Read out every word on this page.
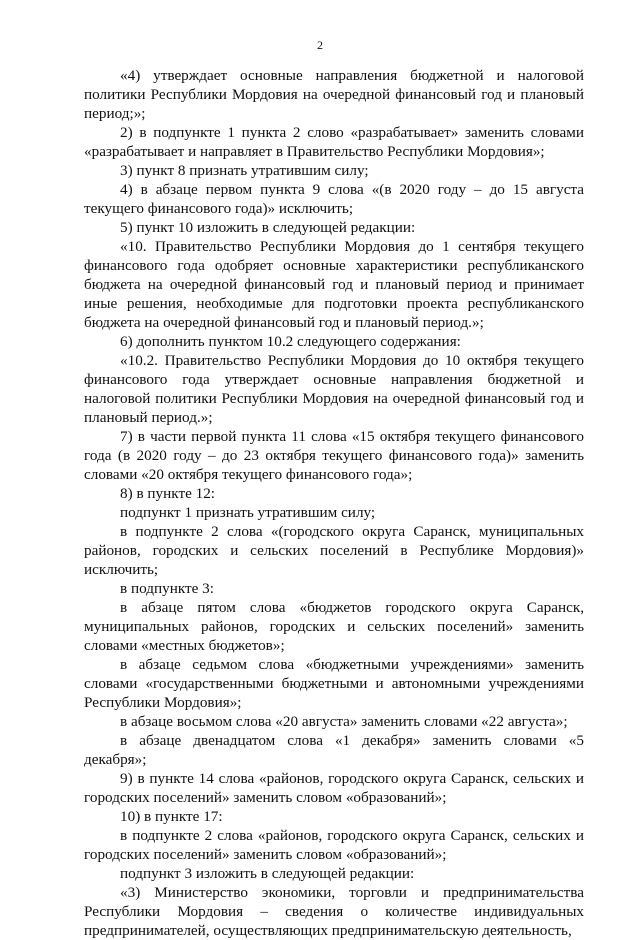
2

«4) утверждает основные направления бюджетной и налоговой политики Республики Мордовия на очередной финансовый год и плановый период;»;

2) в подпункте 1 пункта 2 слово «разрабатывает» заменить словами «разрабатывает и направляет в Правительство Республики Мордовия»;

3) пункт 8 признать утратившим силу;

4) в абзаце первом пункта 9 слова «(в 2020 году – до 15 августа текущего финансового года)» исключить;

5) пункт 10 изложить в следующей редакции:

«10. Правительство Республики Мордовия до 1 сентября текущего финансового года одобряет основные характеристики республиканского бюджета на очередной финансовый год и плановый период и принимает иные решения, необходимые для подготовки проекта республиканского бюджета на очередной финансовый год и плановый период.»;

6) дополнить пунктом 10.2 следующего содержания:

«10.2. Правительство Республики Мордовия до 10 октября текущего финансового года утверждает основные направления бюджетной и налоговой политики Республики Мордовия на очередной финансовый год и плановый период.»;

7) в части первой пункта 11 слова «15 октября текущего финансового года (в 2020 году – до 23 октября текущего финансового года)» заменить словами «20 октября текущего финансового года»;

8) в пункте 12:

подпункт 1 признать утратившим силу;

в подпункте 2 слова «(городского округа Саранск, муниципальных районов, городских и сельских поселений в Республике Мордовия)» исключить;

в подпункте 3:

в абзаце пятом слова «бюджетов городского округа Саранск, муниципальных районов, городских и сельских поселений» заменить словами «местных бюджетов»;

в абзаце седьмом слова «бюджетными учреждениями» заменить словами «государственными бюджетными и автономными учреждениями Республики Мордовия»;

в абзаце восьмом слова «20 августа» заменить словами «22 августа»;

в абзаце двенадцатом слова «1 декабря» заменить словами «5 декабря»;

9) в пункте 14 слова «районов, городского округа Саранск, сельских и городских поселений» заменить словом «образований»;

10) в пункте 17:

в подпункте 2 слова «районов, городского округа Саранск, сельских и городских поселений» заменить словом «образований»;

подпункт 3 изложить в следующей редакции:

«3) Министерство экономики, торговли и предпринимательства Республики Мордовия – сведения о количестве индивидуальных предпринимателей, осуществляющих предпринимательскую деятельность,
